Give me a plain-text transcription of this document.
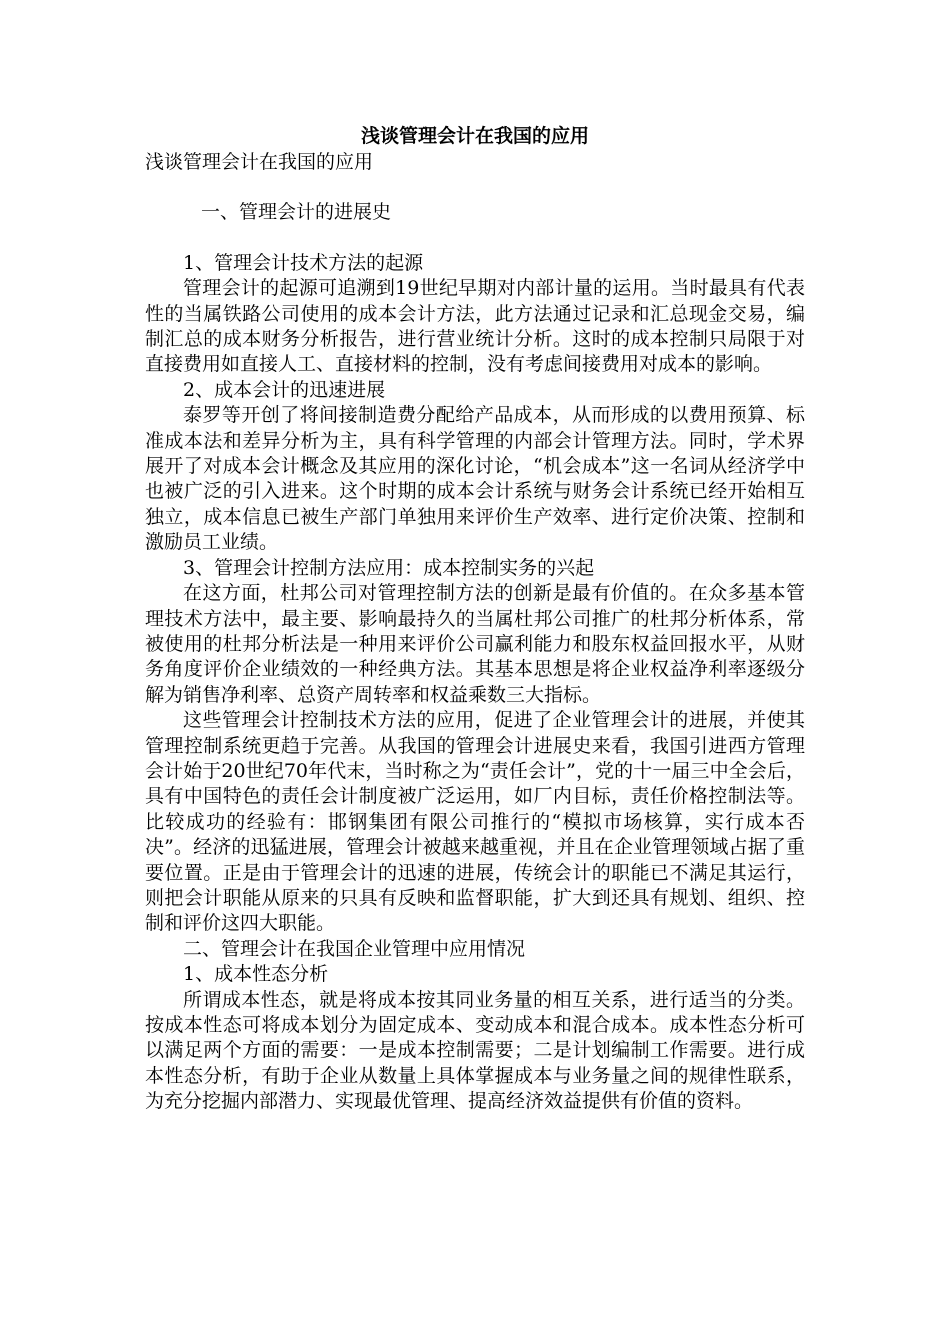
浅谈管理会计在我国的应用

浅谈管理会计在我国的应用

一、管理会计的进展史

1、管理会计技术方法的起源

管理会计的起源可追溯到19世纪早期对内部计量的运用。当时最具有代表性的当属铁路公司使用的成本会计方法，此方法通过记录和汇总现金交易，编制汇总的成本财务分析报告，进行营业统计分析。这时的成本控制只局限于对直接费用如直接人工、直接材料的控制，没有考虑间接费用对成本的影响。

2、成本会计的迅速进展

泰罗等开创了将间接制造费分配给产品成本，从而形成的以费用预算、标准成本法和差异分析为主，具有科学管理的内部会计管理方法。同时，学术界展开了对成本会计概念及其应用的深化讨论，“机会成本”这一名词从经济学中也被广泛的引入进来。这个时期的成本会计系统与财务会计系统已经开始相互独立，成本信息已被生产部门单独用来评价生产效率、进行定价决策、控制和激励员工业绩。

3、管理会计控制方法应用：成本控制实务的兴起

在这方面，杜邦公司对管理控制方法的创新是最有价值的。在众多基本管理技术方法中，最主要、影响最持久的当属杜邦公司推广的杜邦分析体系，常被使用的杜邦分析法是一种用来评价公司赢利能力和股东权益回报水平，从财务角度评价企业绩效的一种经典方法。其基本思想是将企业权益净利率逐级分解为销售净利率、总资产周转率和权益乘数三大指标。

这些管理会计控制技术方法的应用，促进了企业管理会计的进展，并使其管理控制系统更趋于完善。从我国的管理会计进展史来看，我国引进西方管理会计始于20世纪70年代末，当时称之为“责任会计”，党的十一届三中全会后，具有中国特色的责任会计制度被广泛运用，如厂内目标，责任价格控制法等。比较成功的经验有：邯钢集团有限公司推行的“模拟市场核算，实行成本否决”。经济的迅猛进展，管理会计被越来越重视，并且在企业管理领域占据了重要位置。正是由于管理会计的迅速的进展，传统会计的职能已不满足其运行，则把会计职能从原来的只具有反映和监督职能，扩大到还具有规划、组织、控制和评价这四大职能。

二、管理会计在我国企业管理中应用情况

1、成本性态分析

所谓成本性态，就是将成本按其同业务量的相互关系，进行适当的分类。按成本性态可将成本划分为固定成本、变动成本和混合成本。成本性态分析可以满足两个方面的需要：一是成本控制需要；二是计划编制工作需要。进行成本性态分析，有助于企业从数量上具体掌握成本与业务量之间的规律性联系，为充分挖掘内部潜力、实现最优管理、提高经济效益提供有价值的资料。
